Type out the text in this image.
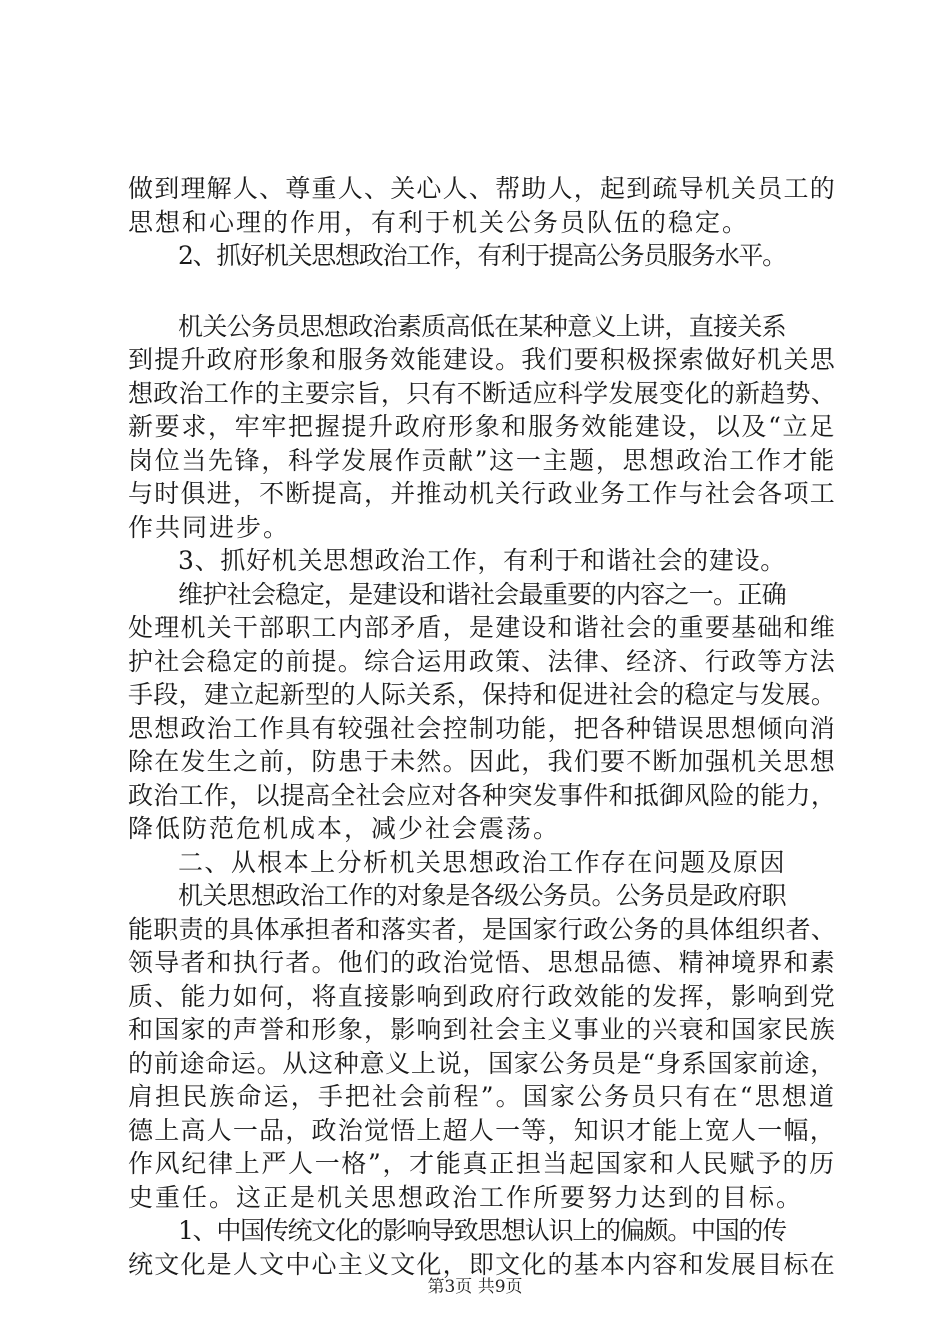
做到理解人、尊重人、关心人、帮助人，起到疏导机关员工的
思想和心理的作用，有利于机关公务员队伍的稳定。
2、抓好机关思想政治工作，有利于提高公务员服务水平。
机关公务员思想政治素质高低在某种意义上讲，直接关系
到提升政府形象和服务效能建设。我们要积极探索做好机关思
想政治工作的主要宗旨，只有不断适应科学发展变化的新趋势、
新要求，牢牢把握提升政府形象和服务效能建设，以及“立足
岗位当先锋，科学发展作贡献”这一主题，思想政治工作才能
与时俱进，不断提高，并推动机关行政业务工作与社会各项工
作共同进步。
3、抓好机关思想政治工作，有利于和谐社会的建设。
维护社会稳定，是建设和谐社会最重要的内容之一。正确
处理机关干部职工内部矛盾，是建设和谐社会的重要基础和维
护社会稳定的前提。综合运用政策、法律、经济、行政等方法
手段，建立起新型的人际关系，保持和促进社会的稳定与发展。
思想政治工作具有较强社会控制功能，把各种错误思想倾向消
除在发生之前，防患于未然。因此，我们要不断加强机关思想
政治工作，以提高全社会应对各种突发事件和抵御风险的能力，
降低防范危机成本，减少社会震荡。
二、从根本上分析机关思想政治工作存在问题及原因
机关思想政治工作的对象是各级公务员。公务员是政府职
能职责的具体承担者和落实者，是国家行政公务的具体组织者、
领导者和执行者。他们的政治觉悟、思想品德、精神境界和素
质、能力如何，将直接影响到政府行政效能的发挥，影响到党
和国家的声誉和形象，影响到社会主义事业的兴衰和国家民族
的前途命运。从这种意义上说，国家公务员是“身系国家前途，
肩担民族命运，手把社会前程”。国家公务员只有在“思想道
德上高人一品，政治觉悟上超人一等，知识才能上宽人一幅，
作风纪律上严人一格”，才能真正担当起国家和人民赋予的历
史重任。这正是机关思想政治工作所要努力达到的目标。
1、中国传统文化的影响导致思想认识上的偏颇。中国的传
统文化是人文中心主义文化，即文化的基本内容和发展目标在
第3页 共9页
